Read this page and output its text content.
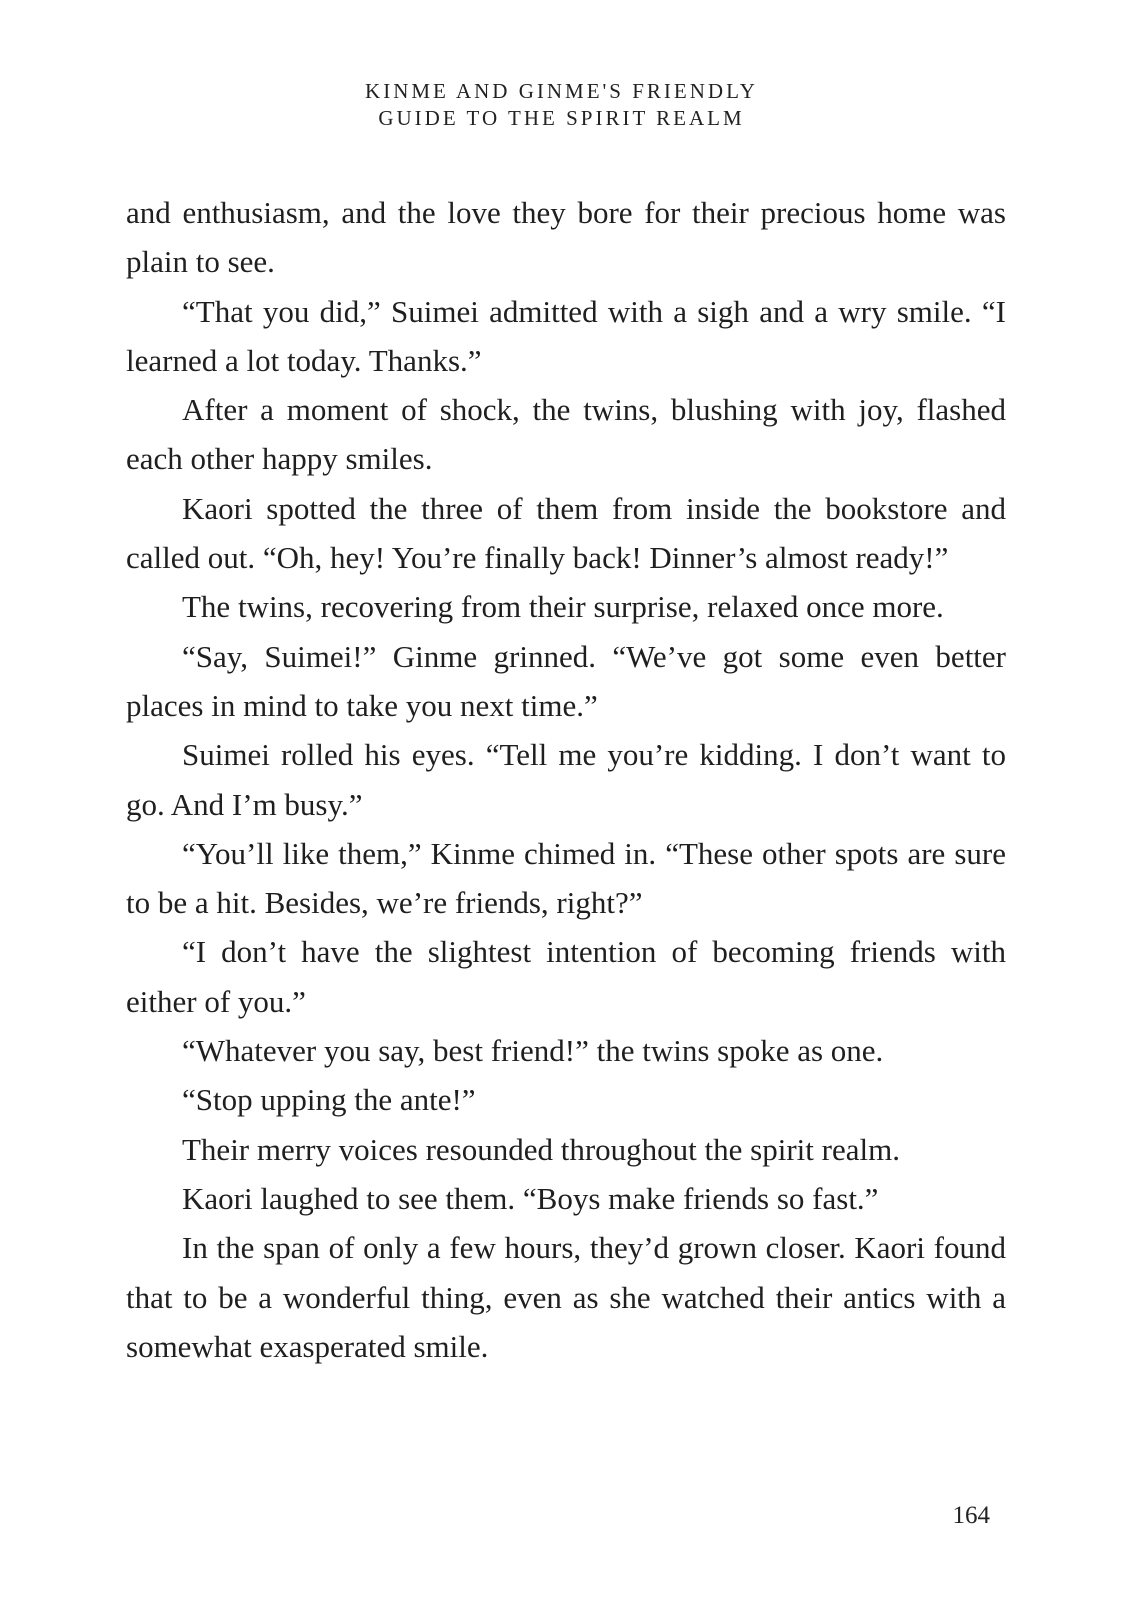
KINME AND GINME'S FRIENDLY
GUIDE TO THE SPIRIT REALM

and enthusiasm, and the love they bore for their precious home was plain to see.

“That you did,” Suimei admitted with a sigh and a wry smile. “I learned a lot today. Thanks.”

After a moment of shock, the twins, blushing with joy, flashed each other happy smiles.

Kaori spotted the three of them from inside the bookstore and called out. “Oh, hey! You’re finally back! Dinner’s almost ready!”

The twins, recovering from their surprise, relaxed once more.

“Say, Suimei!” Ginme grinned. “We’ve got some even better places in mind to take you next time.”

Suimei rolled his eyes. “Tell me you’re kidding. I don’t want to go. And I’m busy.”

“You’ll like them,” Kinme chimed in. “These other spots are sure to be a hit. Besides, we’re friends, right?”

“I don’t have the slightest intention of becoming friends with either of you.”

“Whatever you say, best friend!” the twins spoke as one.

“Stop upping the ante!”

Their merry voices resounded throughout the spirit realm.

Kaori laughed to see them. “Boys make friends so fast.”

In the span of only a few hours, they’d grown closer. Kaori found that to be a wonderful thing, even as she watched their antics with a somewhat exasperated smile.

164
